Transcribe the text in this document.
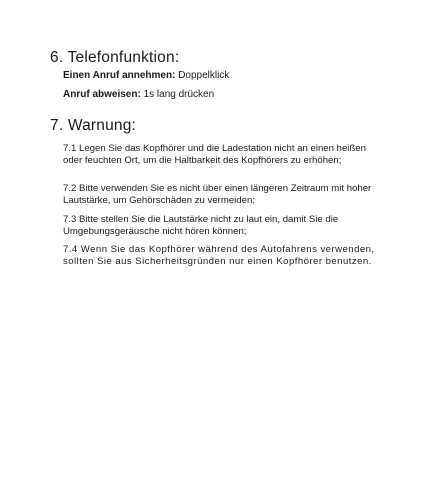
6. Telefonfunktion:
Einen Anruf annehmen: Doppelklick
Anruf abweisen: 1s lang drücken
7. Warnung:

7.1 Legen Sie das Kopfhörer und die Ladestation nicht an einen heißen oder feuchten Ort, um die Haltbarkeit des Kopfhörers zu erhöhen;

7.2 Bitte verwenden Sie es nicht über einen längeren Zeitraum mit hoher Lautstärke, um Gehörschäden zu vermeiden;

7.3 Bitte stellen Sie die Lautstärke nicht zu laut ein, damit Sie die Umgebungsgeräusche nicht hören können;

7.4 Wenn Sie das Kopfhörer während des Autofahrens verwenden, sollten Sie aus Sicherheitsgründen nur einen Kopfhörer benutzen.
